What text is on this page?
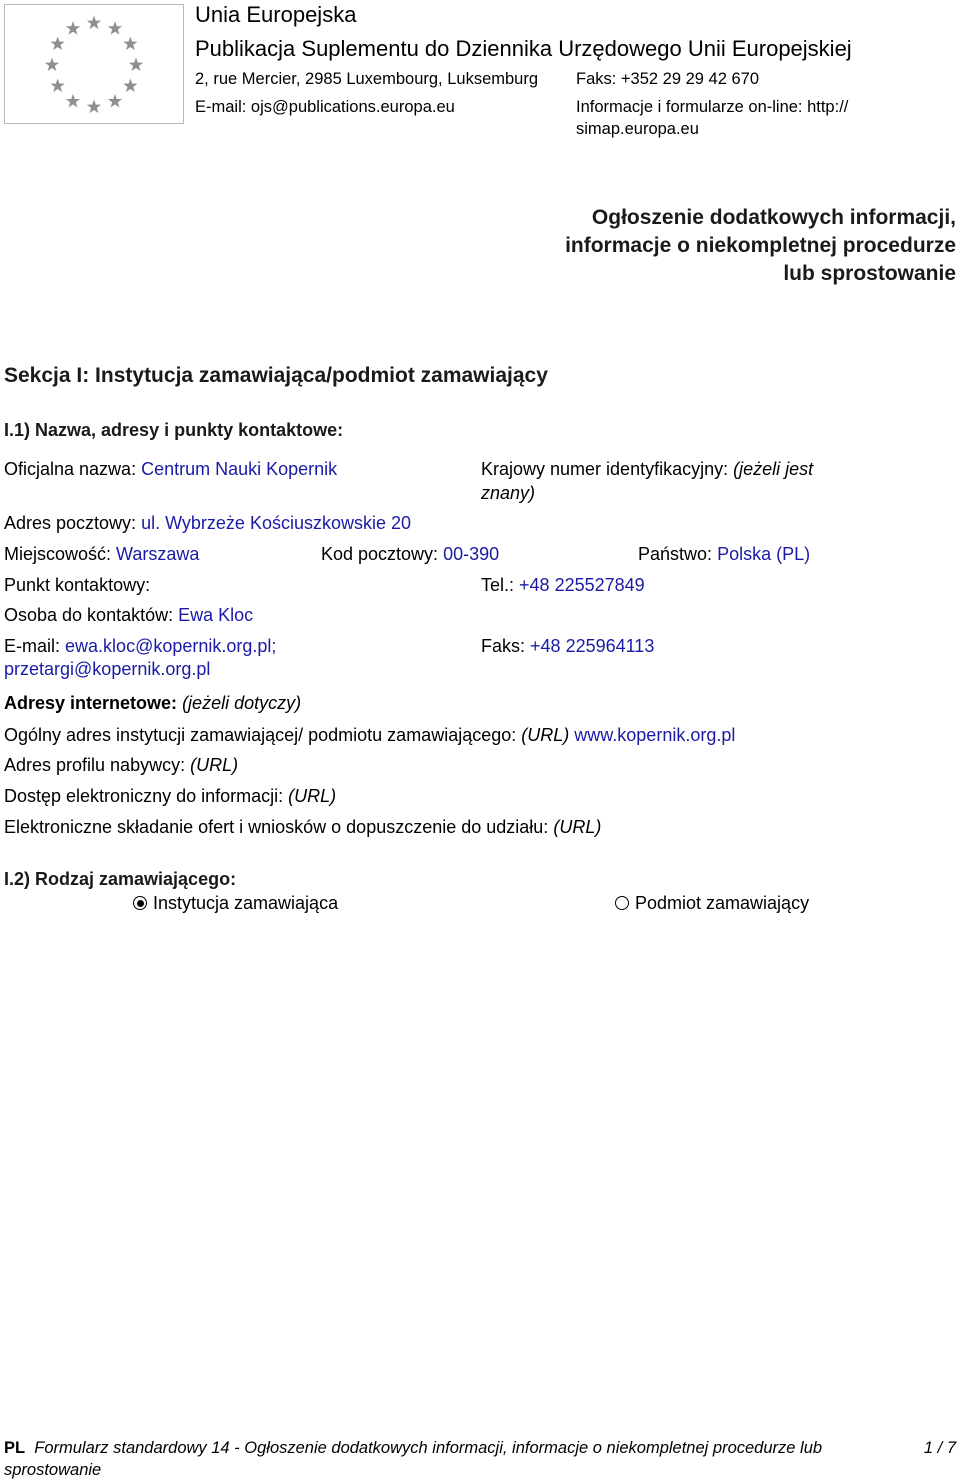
Unia Europejska
Publikacja Suplementu do Dziennika Urzędowego Unii Europejskiej
2, rue Mercier, 2985 Luxembourg, Luksemburg Faks: +352 29 29 42 670
E-mail: ojs@publications.europa.eu	Informacje i formularze on-line: http://
simap.europa.eu
Ogłoszenie dodatkowych informacji, informacje o niekompletnej procedurze lub sprostowanie
Sekcja I: Instytucja zamawiająca/podmiot zamawiający
I.1) Nazwa, adresy i punkty kontaktowe:
Oficjalna nazwa: Centrum Nauki Kopernik	Krajowy numer identyfikacyjny: (jeżeli jest
znany)
Adres pocztowy: ul. Wybrzeże Kościuszkowskie 20
Miejscowość: Warszawa	Kod pocztowy: 00-390	Państwo: Polska (PL)
Punkt kontaktowy:	Tel.: +48 225527849
Osoba do kontaktów: Ewa Kloc
E-mail: ewa.kloc@kopernik.org.pl;
przetargi@kopernik.org.pl
Faks: +48 225964113
Adresy internetowe: (jeżeli dotyczy)
Ogólny adres instytucji zamawiającej/ podmiotu zamawiającego: (URL) www.kopernik.org.pl
Adres profilu nabywcy: (URL)
Dostęp elektroniczny do informacji: (URL)
Elektroniczne składanie ofert i wniosków o dopuszczenie do udziału: (URL)
I.2) Rodzaj zamawiającego:
Instytucja zamawiająca	Podmiot zamawiający
PL Formularz standardowy 14 - Ogłoszenie dodatkowych informacji, informacje o niekompletnej procedurze lub sprostowanie
1 / 7
